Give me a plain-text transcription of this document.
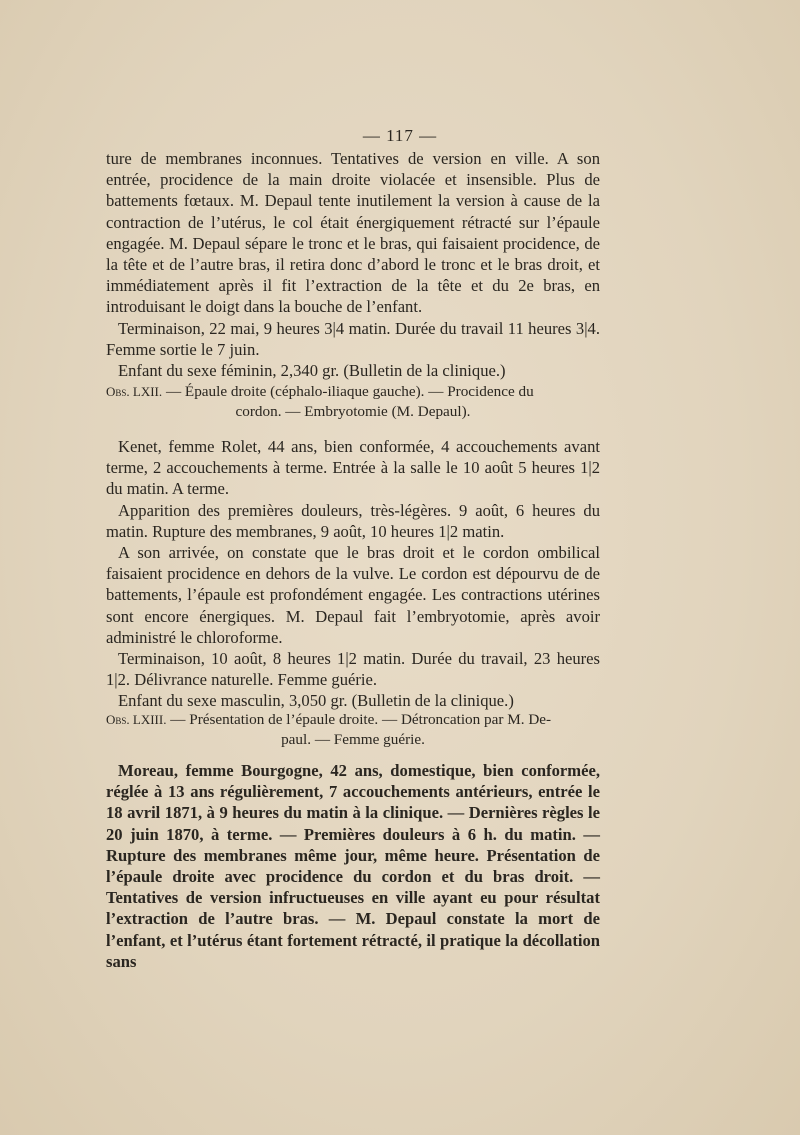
— 117 —

ture de membranes inconnues. Tentatives de version en ville. A son entrée, procidence de la main droite violacée et insensible. Plus de battements fœtaux. M. Depaul tente inutilement la version à cause de la contraction de l’utérus, le col était énergiquement rétracté sur l’épaule engagée. M. Depaul sépare le tronc et le bras, qui faisaient procidence, de la tête et de l’autre bras, il retira donc d’abord le tronc et le bras droit, et immédiatement après il fit l’extraction de la tête et du 2e bras, en introduisant le doigt dans la bouche de l’enfant.

Terminaison, 22 mai, 9 heures 3|4 matin. Durée du travail 11 heures 3|4. Femme sortie le 7 juin.

Enfant du sexe féminin, 2,340 gr. (Bulletin de la clinique.)

Obs. LXII. — Épaule droite (céphalo-iliaque gauche). — Procidence du
cordon. — Embryotomie (M. Depaul).

Kenet, femme Rolet, 44 ans, bien conformée, 4 accouchements avant terme, 2 accouchements à terme. Entrée à la salle le 10 août 5 heures 1|2 du matin. A terme.

Apparition des premières douleurs, très-légères. 9 août, 6 heures du matin. Rupture des membranes, 9 août, 10 heures 1|2 matin.

A son arrivée, on constate que le bras droit et le cordon ombilical faisaient procidence en dehors de la vulve. Le cordon est dépourvu de de battements, l’épaule est profondément engagée. Les contractions utérines sont encore énergiques. M. Depaul fait l’embryotomie, après avoir administré le chloroforme.

Terminaison, 10 août, 8 heures 1|2 matin. Durée du travail, 23 heures 1|2. Délivrance naturelle. Femme guérie.

Enfant du sexe masculin, 3,050 gr. (Bulletin de la clinique.)

Obs. LXIII. — Présentation de l’épaule droite. — Détroncation par M. De-
paul. — Femme guérie.

Moreau, femme Bourgogne, 42 ans, domestique, bien conformée, réglée à 13 ans régulièrement, 7 accouchements antérieurs, entrée le 18 avril 1871, à 9 heures du matin à la clinique. — Dernières règles le 20 juin 1870, à terme. — Premières douleurs à 6 h. du matin. — Rupture des membranes même jour, même heure. Présentation de l’épaule droite avec procidence du cordon et du bras droit. — Tentatives de version infructueuses en ville ayant eu pour résultat l’extraction de l’autre bras. — M. Depaul constate la mort de l’enfant, et l’utérus étant fortement rétracté, il pratique la décollation sans
